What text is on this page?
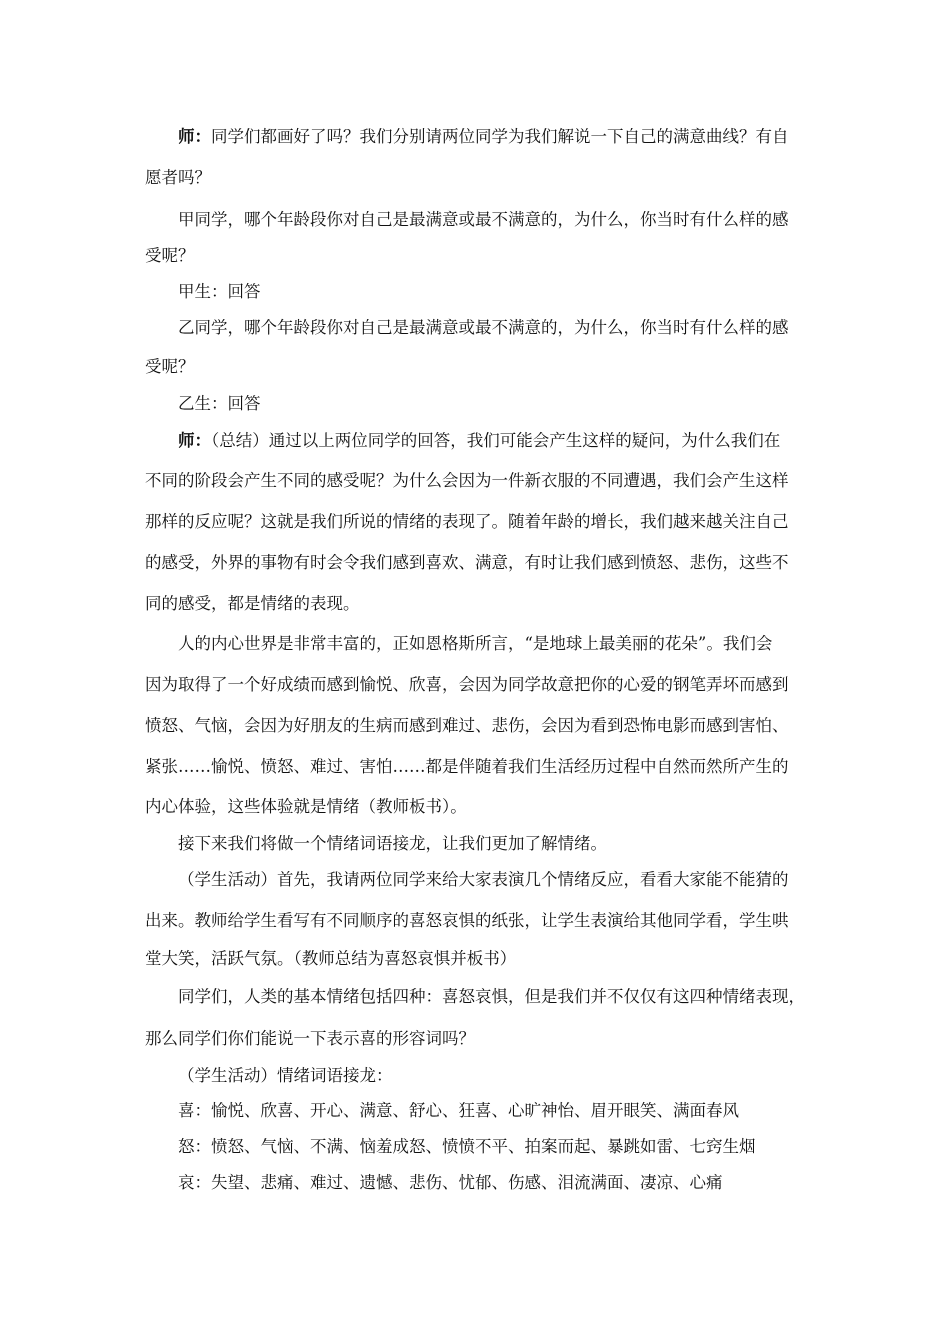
师：同学们都画好了吗？我们分别请两位同学为我们解说一下自己的满意曲线？有自
愿者吗？
甲同学，哪个年龄段你对自己是最满意或最不满意的，为什么，你当时有什么样的感
受呢？
甲生：回答
乙同学，哪个年龄段你对自己是最满意或最不满意的，为什么，你当时有什么样的感
受呢？
乙生：回答
师：（总结）通过以上两位同学的回答，我们可能会产生这样的疑问，为什么我们在
不同的阶段会产生不同的感受呢？为什么会因为一件新衣服的不同遭遇，我们会产生这样
那样的反应呢？这就是我们所说的情绪的表现了。随着年龄的增长，我们越来越关注自己
的感受，外界的事物有时会令我们感到喜欢、满意，有时让我们感到愤怒、悲伤，这些不
同的感受，都是情绪的表现。
人的内心世界是非常丰富的，正如恩格斯所言，“是地球上最美丽的花朵”。我们会
因为取得了一个好成绩而感到愉悦、欣喜，会因为同学故意把你的心爱的钢笔弄坏而感到
愤怒、气恼，会因为好朋友的生病而感到难过、悲伤，会因为看到恐怖电影而感到害怕、
紧张……愉悦、愤怒、难过、害怕……都是伴随着我们生活经历过程中自然而然所产生的
内心体验，这些体验就是情绪（教师板书）。
接下来我们将做一个情绪词语接龙，让我们更加了解情绪。
（学生活动）首先，我请两位同学来给大家表演几个情绪反应，看看大家能不能猜的
出来。教师给学生看写有不同顺序的喜怒哀惧的纸张，让学生表演给其他同学看，学生哄
堂大笑，活跃气氛。（教师总结为喜怒哀惧并板书）
同学们，人类的基本情绪包括四种：喜怒哀惧，但是我们并不仅仅有这四种情绪表现，
那么同学们你们能说一下表示喜的形容词吗？
（学生活动）情绪词语接龙：
喜：愉悦、欣喜、开心、满意、舒心、狂喜、心旷神怡、眉开眼笑、满面春风
怒：愤怒、气恼、不满、恼羞成怒、愤愤不平、拍案而起、暴跳如雷、七窍生烟
哀：失望、悲痛、难过、遗憾、悲伤、忧郁、伤感、泪流满面、凄凉、心痛
